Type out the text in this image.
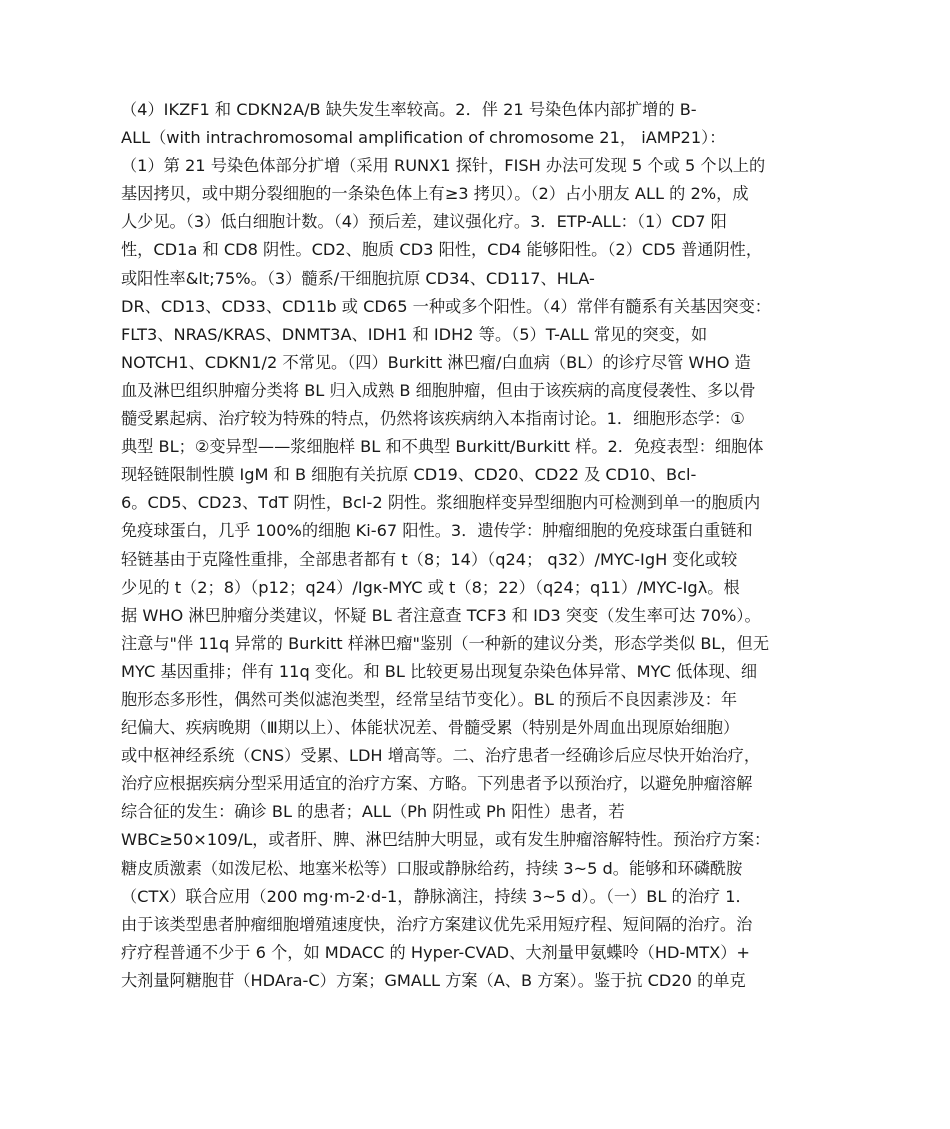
（4）IKZF1 和 CDKN2A/B 缺失发生率较高。2．伴 21 号染色体内部扩增的 B-
ALL（with intrachromosomal amplification of chromosome 21， iAMP21）：
（1）第 21 号染色体部分扩增（采用 RUNX1 探针，FISH 办法可发现 5 个或 5 个以上的
基因拷贝，或中期分裂细胞的一条染色体上有≥3 拷贝）。（2）占小朋友 ALL 的 2%，成
人少见。（3）低白细胞计数。（4）预后差，建议强化疗。3．ETP-ALL：（1）CD7 阳
性，CD1a 和 CD8 阴性。CD2、胞质 CD3 阳性，CD4 能够阳性。（2）CD5 普通阴性，
或阳性率&lt;75%。（3）髓系/干细胞抗原 CD34、CD117、HLA-
DR、CD13、CD33、CD11b 或 CD65 一种或多个阳性。（4）常伴有髓系有关基因突变：
FLT3、NRAS/KRAS、DNMT3A、IDH1 和 IDH2 等。（5）T-ALL 常见的突变，如
NOTCH1、CDKN1/2 不常见。（四）Burkitt 淋巴瘤/白血病（BL）的诊疗尽管 WHO 造
血及淋巴组织肿瘤分类将 BL 归入成熟 B 细胞肿瘤，但由于该疾病的高度侵袭性、多以骨
髓受累起病、治疗较为特殊的特点，仍然将该疾病纳入本指南讨论。1．细胞形态学：①
典型 BL；②变异型——浆细胞样 BL 和不典型 Burkitt/Burkitt 样。2．免疫表型：细胞体
现轻链限制性膜 IgM 和 B 细胞有关抗原 CD19、CD20、CD22 及 CD10、Bcl-
6。CD5、CD23、TdT 阴性，Bcl-2 阴性。浆细胞样变异型细胞内可检测到单一的胞质内
免疫球蛋白，几乎 100%的细胞 Ki-67 阳性。3．遗传学：肿瘤细胞的免疫球蛋白重链和
轻链基由于克隆性重排，全部患者都有 t（8；14）（q24； q32）/MYC-IgH 变化或较
少见的 t（2；8）（p12；q24）/Igκ-MYC 或 t（8；22）（q24；q11）/MYC-Igλ。根
据 WHO 淋巴肿瘤分类建议，怀疑 BL 者注意查 TCF3 和 ID3 突变（发生率可达 70%）。
注意与"伴 11q 异常的 Burkitt 样淋巴瘤"鉴别（一种新的建议分类，形态学类似 BL，但无
MYC 基因重排；伴有 11q 变化。和 BL 比较更易出现复杂染色体异常、MYC 低体现、细
胞形态多形性，偶然可类似滤泡类型，经常呈结节变化）。BL 的预后不良因素涉及：年
纪偏大、疾病晚期（Ⅲ期以上）、体能状况差、骨髓受累（特别是外周血出现原始细胞）
或中枢神经系统（CNS）受累、LDH 增高等。二、治疗患者一经确诊后应尽快开始治疗，
治疗应根据疾病分型采用适宜的治疗方案、方略。下列患者予以预治疗，以避免肿瘤溶解
综合征的发生：确诊 BL 的患者；ALL（Ph 阴性或 Ph 阳性）患者，若
WBC≥50×109/L，或者肝、脾、淋巴结肿大明显，或有发生肿瘤溶解特性。预治疗方案：
糖皮质激素（如泼尼松、地塞米松等）口服或静脉给药，持续 3~5 d。能够和环磷酰胺
（CTX）联合应用（200 mg·m-2·d-1，静脉滴注，持续 3~5 d）。（一）BL 的治疗 1．
由于该类型患者肿瘤细胞增殖速度快，治疗方案建议优先采用短疗程、短间隔的治疗。治
疗疗程普通不少于 6 个，如 MDACC 的 Hyper-CVAD、大剂量甲氨蝶呤（HD-MTX）+
大剂量阿糖胞苷（HDAra-C）方案；GMALL 方案（A、B 方案）。鉴于抗 CD20 的单克
